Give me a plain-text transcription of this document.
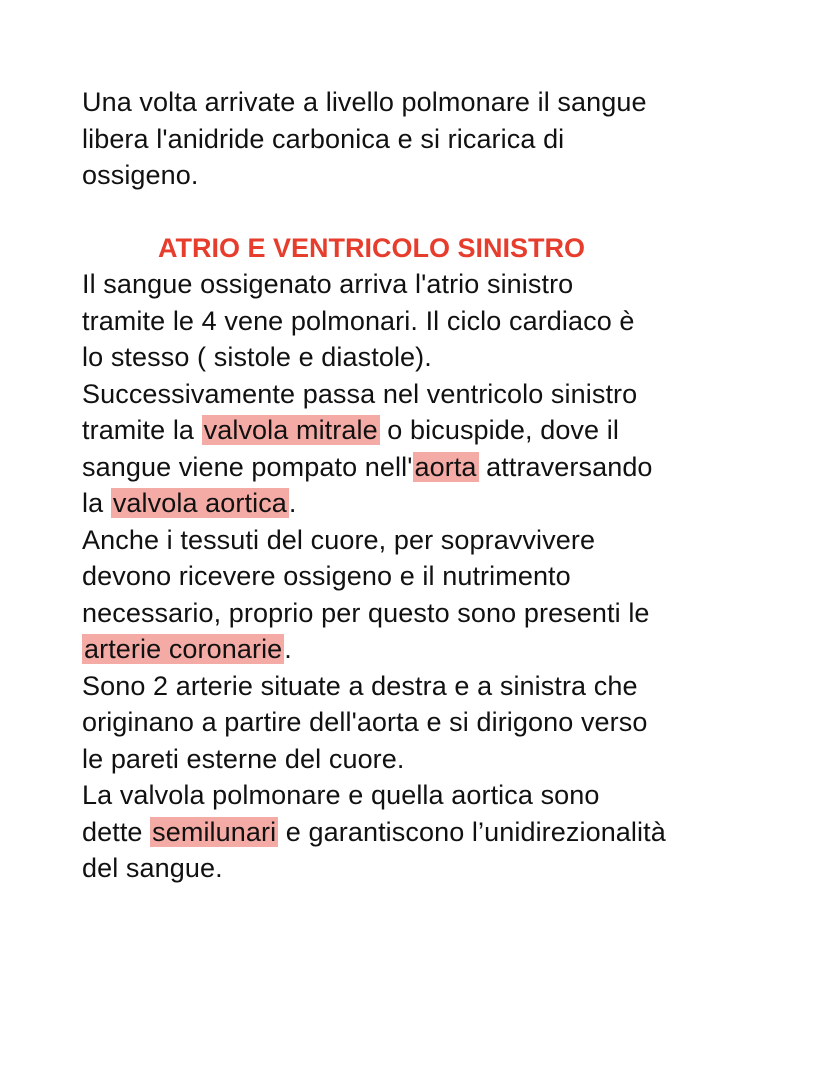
Una volta arrivate a livello polmonare il sangue
libera l'anidride carbonica e si ricarica di
ossigeno.

ATRIO E VENTRICOLO SINISTRO

Il sangue ossigenato arriva l'atrio sinistro
tramite le 4 vene polmonari. Il ciclo cardiaco è
lo stesso ( sistole e diastole).
Successivamente passa nel ventricolo sinistro
tramite la valvola mitrale o bicuspide, dove il
sangue viene pompato nell'aorta attraversando
la valvola aortica.
Anche i tessuti del cuore, per sopravvivere
devono ricevere ossigeno e il nutrimento
necessario, proprio per questo sono presenti le
arterie coronarie.
Sono 2 arterie situate a destra e a sinistra che
originano a partire dell'aorta e si dirigono verso
le pareti esterne del cuore.
La valvola polmonare e quella aortica sono
dette semilunari e garantiscono l’unidirezionalità
del sangue.
